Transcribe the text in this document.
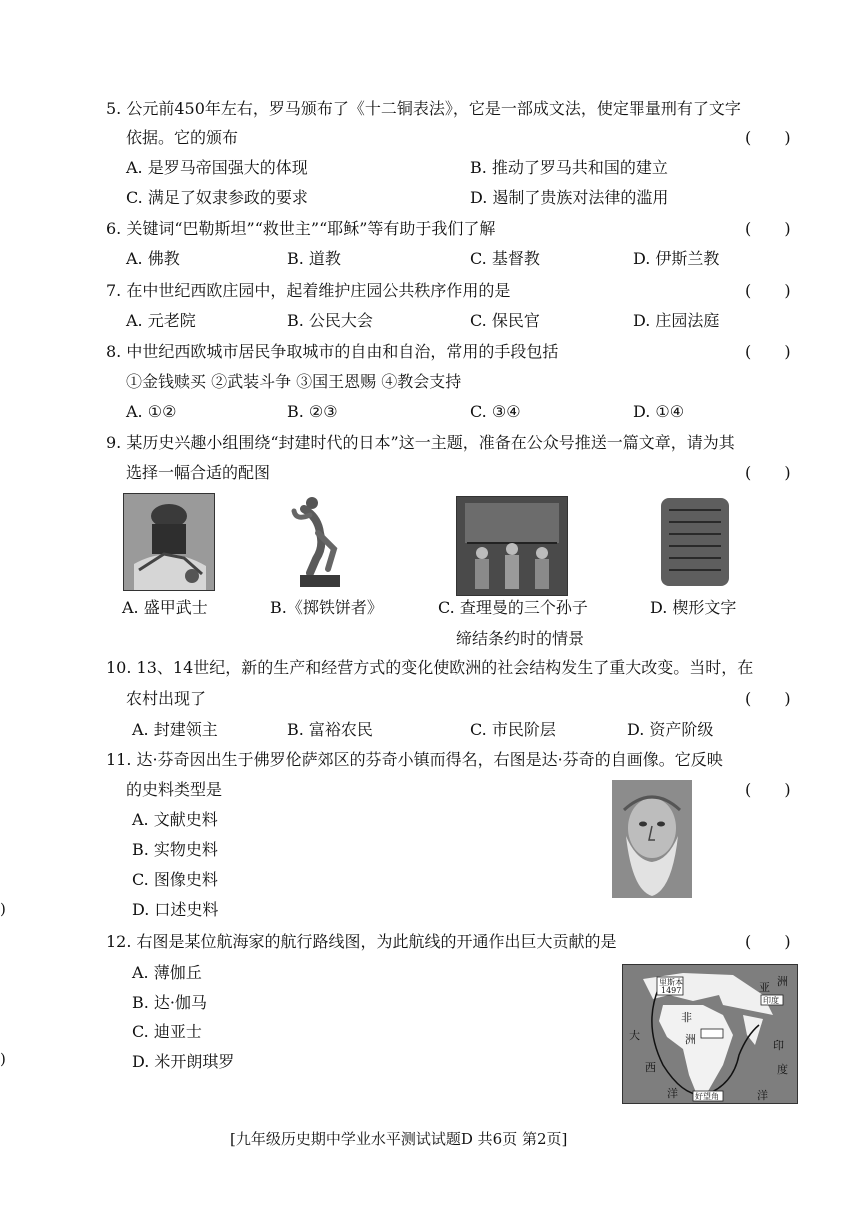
5. 公元前450年左右，罗马颁布了《十二铜表法》，它是一部成文法，使定罪量刑有了文字
依据。它的颁布	( )
A. 是罗马帝国强大的体现	B. 推动了罗马共和国的建立
C. 满足了奴隶参政的要求	D. 遏制了贵族对法律的滥用
6. 关键词“巴勒斯坦”“救世主”“耶稣”等有助于我们了解	( )
A. 佛教	B. 道教	C. 基督教	D. 伊斯兰教
7. 在中世纪西欧庄园中，起着维护庄园公共秩序作用的是	( )
A. 元老院	B. 公民大会	C. 保民官	D. 庄园法庭
8. 中世纪西欧城市居民争取城市的自由和自治，常用的手段包括	( )
①金钱赎买 ②武装斗争 ③国王恩赐 ④教会支持
A. ①②	B. ②③	C. ③④	D. ①④
9. 某历史兴趣小组围绕“封建时代的日本”这一主题，准备在公众号推送一篇文章，请为其
选择一幅合适的配图	( )
A. 盛甲武士	B.《掷铁饼者》	C. 查理曼的三个孙子
缔结条约时的情景
D. 楔形文字
10. 13、14世纪，新的生产和经营方式的变化使欧洲的社会结构发生了重大改变。当时，在
农村出现了	( )
A. 封建领主	B. 富裕农民	C. 市民阶层	D. 资产阶级
11. 达·芬奇因出生于佛罗伦萨郊区的芬奇小镇而得名，右图是达·芬奇的自画像。它反映
的史料类型是	( )
A. 文献史料
B. 实物史料
C. 图像史料
D. 口述史料
12. 右图是某位航海家的航行路线图，为此航线的开通作出巨大贡献的是	( )
A. 薄伽丘
B. 达·伽马
C. 迪亚士
D. 米开朗琪罗
里斯本
1497
印度
好望角
亚 洲
非
洲
大
西
洋
印
度
洋
)
)
[九年级历史期中学业水平测试试题D 共6页 第2页]
